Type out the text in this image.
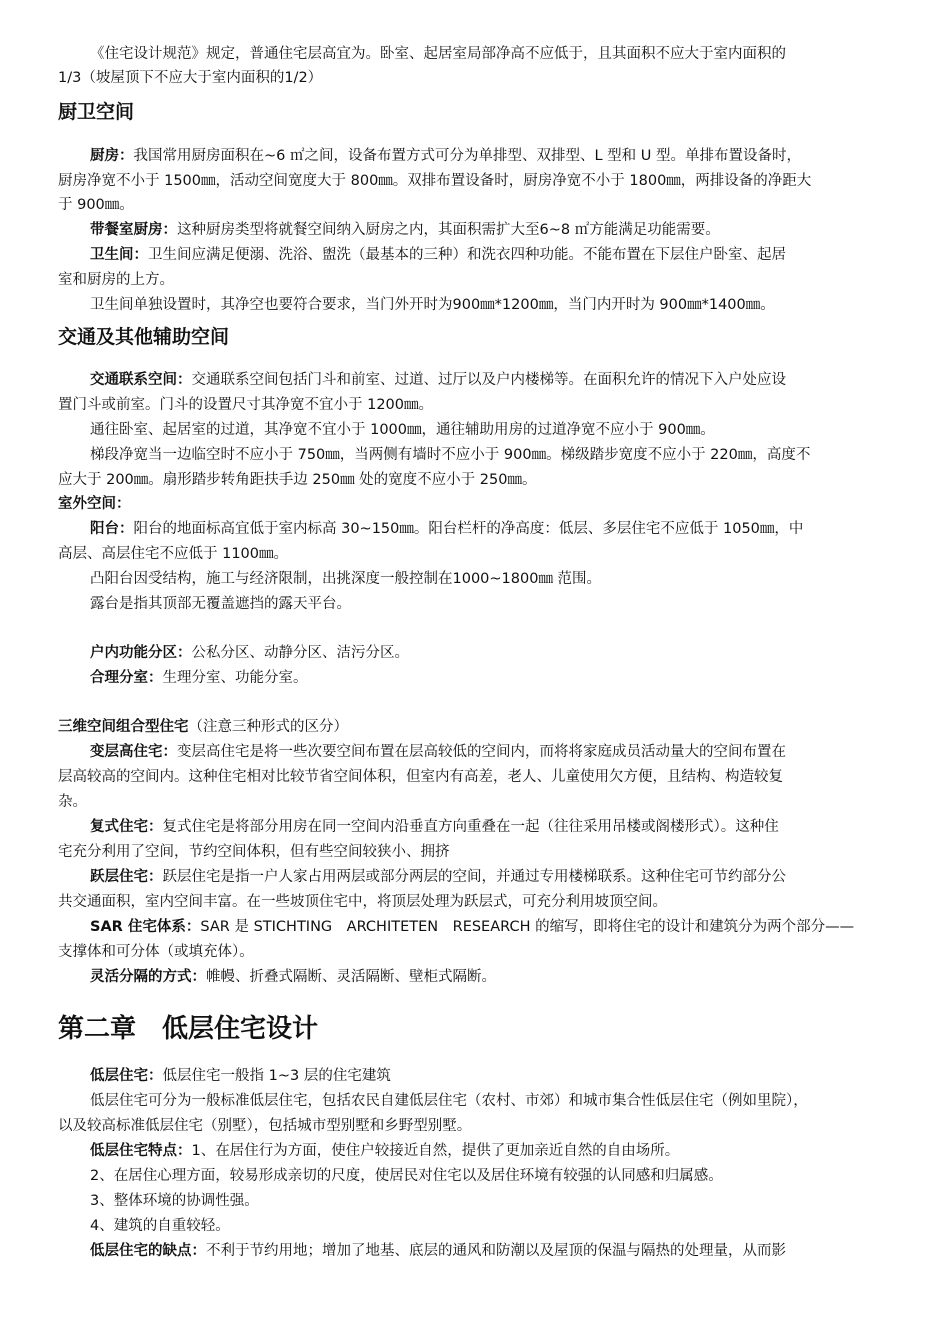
《住宅设计规范》规定，普通住宅层高宜为。卧室、起居室局部净高不应低于，且其面积不应大于室内面积的
1/3（坡屋顶下不应大于室内面积的1/2）
厨卫空间
厨房：我国常用厨房面积在~6 ㎡之间，设备布置方式可分为单排型、双排型、L 型和 U 型。单排布置设备时，
厨房净宽不小于 1500㎜，活动空间宽度大于 800㎜。双排布置设备时，厨房净宽不小于 1800㎜，两排设备的净距大
于 900㎜。
带餐室厨房：这种厨房类型将就餐空间纳入厨房之内，其面积需扩大至6~8 ㎡方能满足功能需要。
卫生间：卫生间应满足便溺、洗浴、盥洗（最基本的三种）和洗衣四种功能。不能布置在下层住户卧室、起居
室和厨房的上方。
卫生间单独设置时，其净空也要符合要求，当门外开时为900㎜*1200㎜，当门内开时为 900㎜*1400㎜。
交通及其他辅助空间
交通联系空间：交通联系空间包括门斗和前室、过道、过厅以及户内楼梯等。在面积允许的情况下入户处应设
置门斗或前室。门斗的设置尺寸其净宽不宜小于 1200㎜。
通往卧室、起居室的过道，其净宽不宜小于 1000㎜，通往辅助用房的过道净宽不应小于 900㎜。
梯段净宽当一边临空时不应小于 750㎜，当两侧有墙时不应小于 900㎜。梯级踏步宽度不应小于 220㎜，高度不
应大于 200㎜。扇形踏步转角距扶手边 250㎜ 处的宽度不应小于 250㎜。
室外空间：
阳台：阳台的地面标高宜低于室内标高 30~150㎜。阳台栏杆的净高度：低层、多层住宅不应低于 1050㎜，中
高层、高层住宅不应低于 1100㎜。
凸阳台因受结构，施工与经济限制，出挑深度一般控制在1000~1800㎜ 范围。
露台是指其顶部无覆盖遮挡的露天平台。
户内功能分区：公私分区、动静分区、洁污分区。
合理分室：生理分室、功能分室。
三维空间组合型住宅（注意三种形式的区分）
变层高住宅：变层高住宅是将一些次要空间布置在层高较低的空间内，而将将家庭成员活动量大的空间布置在
层高较高的空间内。这种住宅相对比较节省空间体积，但室内有高差，老人、儿童使用欠方便，且结构、构造较复
杂。
复式住宅：复式住宅是将部分用房在同一空间内沿垂直方向重叠在一起（往往采用吊楼或阁楼形式）。这种住
宅充分利用了空间，节约空间体积，但有些空间较狭小、拥挤
跃层住宅：跃层住宅是指一户人家占用两层或部分两层的空间，并通过专用楼梯联系。这种住宅可节约部分公
共交通面积，室内空间丰富。在一些坡顶住宅中，将顶层处理为跃层式，可充分利用坡顶空间。
SAR 住宅体系：SAR 是 STICHTING　ARCHITETEN　RESEARCH 的缩写，即将住宅的设计和建筑分为两个部分——
支撑体和可分体（或填充体）。
灵活分隔的方式：帷幔、折叠式隔断、灵活隔断、壁柜式隔断。
第二章　低层住宅设计
低层住宅：低层住宅一般指 1~3 层的住宅建筑
低层住宅可分为一般标准低层住宅，包括农民自建低层住宅（农村、市郊）和城市集合性低层住宅（例如里院），
以及较高标准低层住宅（别墅），包括城市型别墅和乡野型别墅。
低层住宅特点：1、在居住行为方面，使住户较接近自然，提供了更加亲近自然的自由场所。
2、在居住心理方面，较易形成亲切的尺度，使居民对住宅以及居住环境有较强的认同感和归属感。
3、整体环境的协调性强。
4、建筑的自重较轻。
低层住宅的缺点：不利于节约用地；增加了地基、底层的通风和防潮以及屋顶的保温与隔热的处理量，从而影
